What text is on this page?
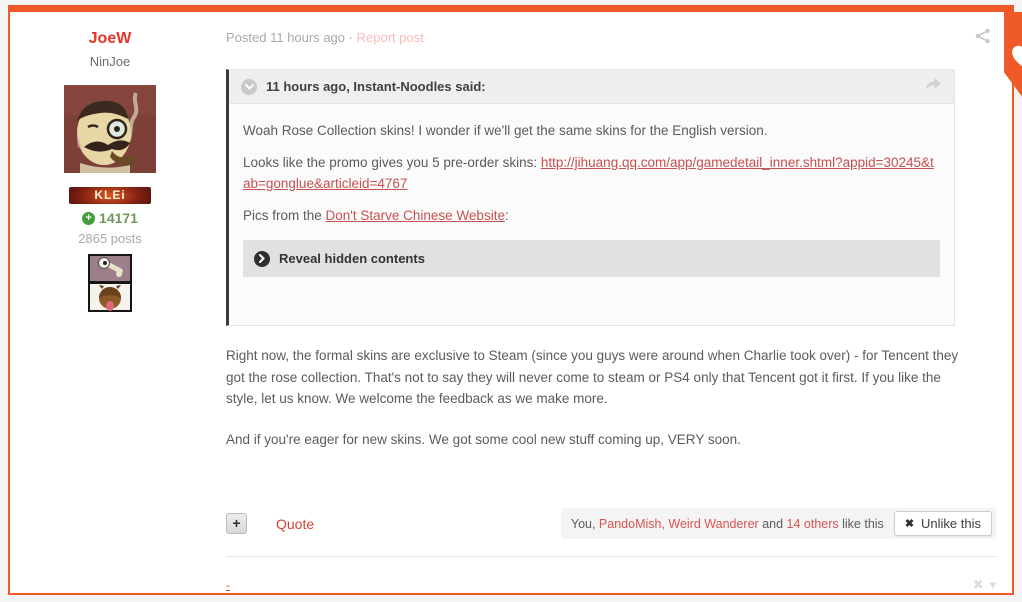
JoeW
NinJoe
KLEi
+ 14171
2865 posts
Posted 11 hours ago · Report post
11 hours ago, Instant-Noodles said:

Woah Rose Collection skins! I wonder if we'll get the same skins for the English version.

Looks like the promo gives you 5 pre-order skins: http://jihuang.qq.com/app/gamedetail_inner.shtml?appid=30245&tab=gonglue&articleid=4767

Pics from the Don't Starve Chinese Website:

Reveal hidden contents

Right now, the formal skins are exclusive to Steam (since you guys were around when Charlie took over) - for Tencent they got the rose collection. That's not to say they will never come to steam or PS4 only that Tencent got it first. If you like the style, let us know. We welcome the feedback as we make more.

And if you're eager for new skins. We got some cool new stuff coming up, VERY soon.

+	Quote	You, PandoMish, Weird Wanderer and 14 others like this ✖ Unlike this
-	✖ ▾
